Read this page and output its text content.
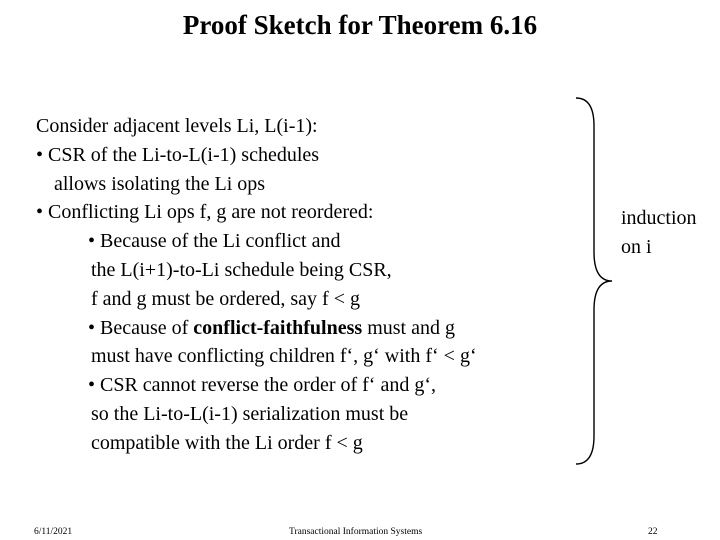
Proof Sketch for Theorem 6.16
Consider adjacent levels Li, L(i-1):
• CSR of the Li-to-L(i-1) schedules
allows isolating the Li ops
• Conflicting Li ops f, g are not reordered:
• Because of the Li conflict and
the L(i+1)-to-Li schedule being CSR,
f and g must be ordered, say f < g
• Because of conflict-faithfulness must and g
must have conflicting children f‘, g‘ with f‘ < g‘
• CSR cannot reverse the order of f‘ and g‘,
so the Li-to-L(i-1) serialization must be
compatible with the Li order f < g
induction
on i
6/11/2021	Transactional Information Systems	22
